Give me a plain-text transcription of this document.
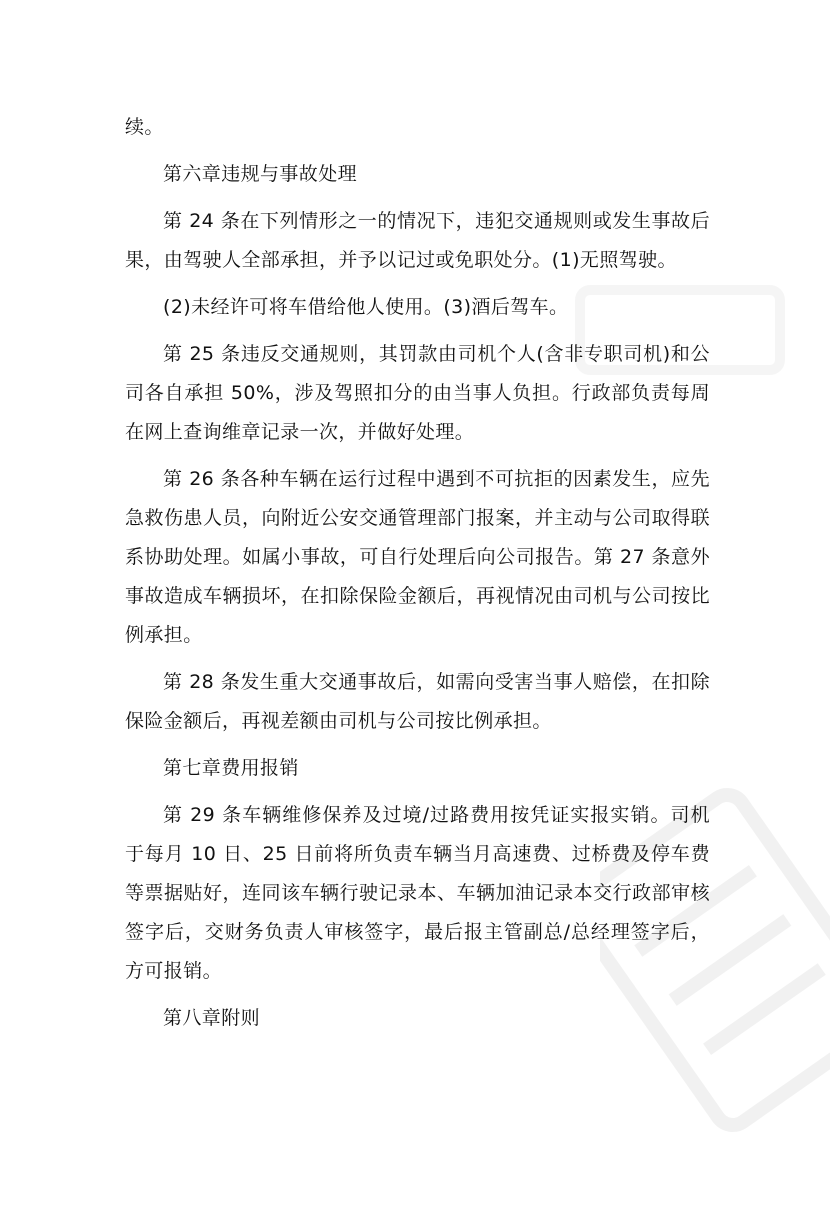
续。

第六章违规与事故处理

第 24 条在下列情形之一的情况下，违犯交通规则或发生事故后果，由驾驶人全部承担，并予以记过或免职处分。(1)无照驾驶。

(2)未经许可将车借给他人使用。(3)酒后驾车。

第 25 条违反交通规则，其罚款由司机个人(含非专职司机)和公司各自承担 50%，涉及驾照扣分的由当事人负担。行政部负责每周在网上查询维章记录一次，并做好处理。

第 26 条各种车辆在运行过程中遇到不可抗拒的因素发生，应先急救伤患人员，向附近公安交通管理部门报案，并主动与公司取得联系协助处理。如属小事故，可自行处理后向公司报告。第 27 条意外事故造成车辆损坏，在扣除保险金额后，再视情况由司机与公司按比例承担。

第 28 条发生重大交通事故后，如需向受害当事人赔偿，在扣除保险金额后，再视差额由司机与公司按比例承担。

第七章费用报销

第 29 条车辆维修保养及过境/过路费用按凭证实报实销。司机于每月 10 日、25 日前将所负责车辆当月高速费、过桥费及停车费等票据贴好，连同该车辆行驶记录本、车辆加油记录本交行政部审核签字后，交财务负责人审核签字，最后报主管副总/总经理签字后，方可报销。

第八章附则
